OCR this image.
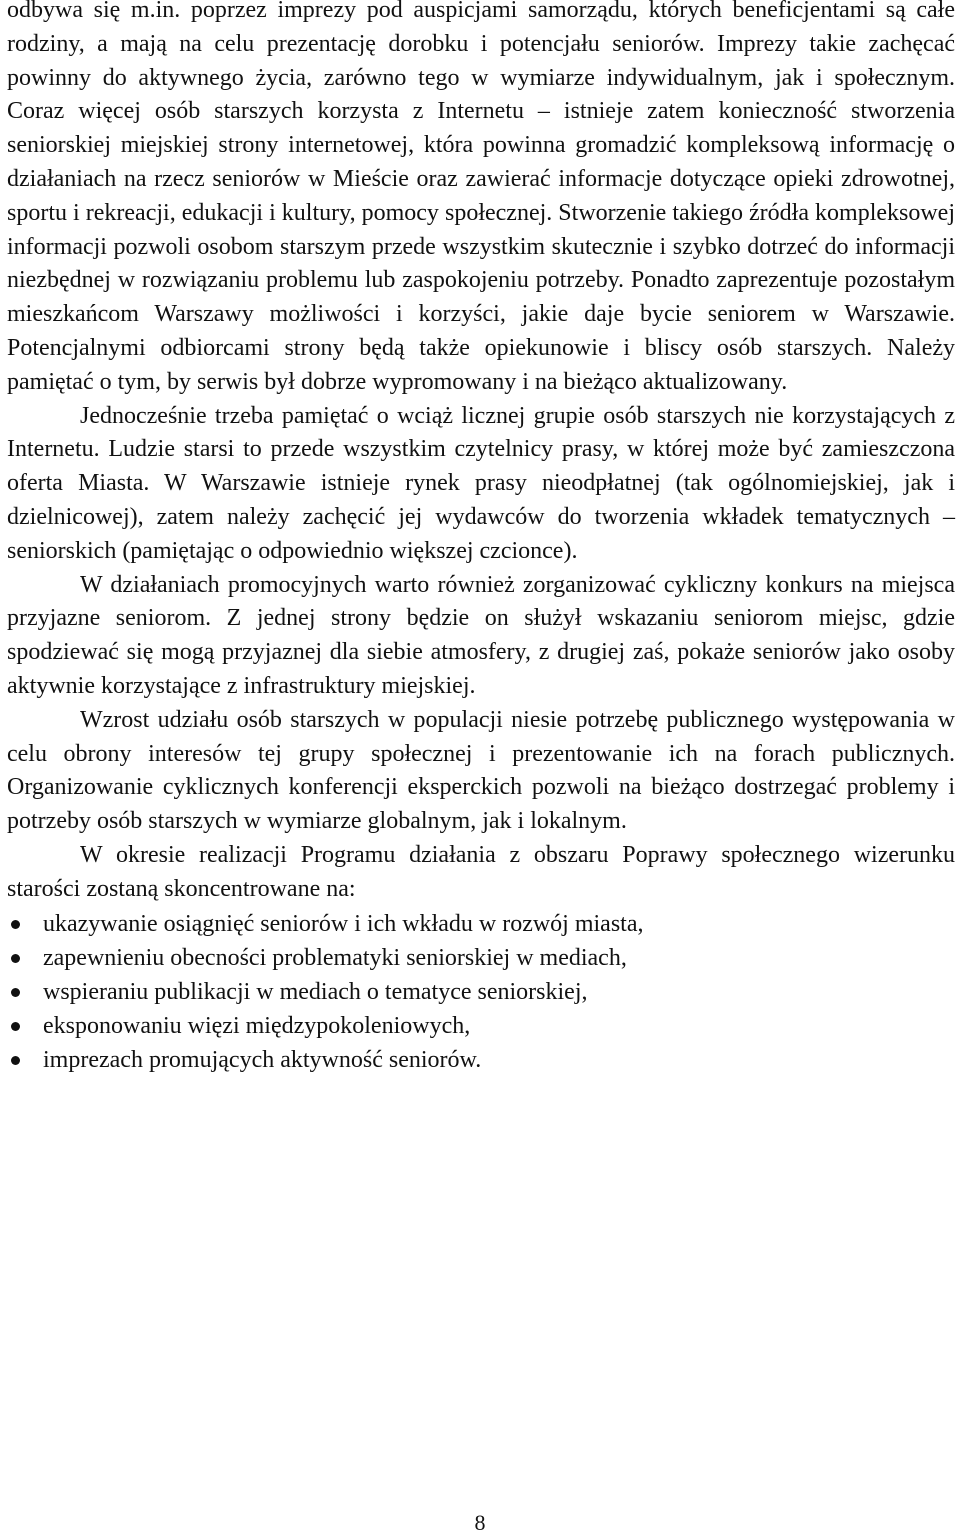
odbywa się m.in. poprzez imprezy pod auspicjami samorządu, których beneficjentami są całe rodziny, a mają na celu prezentację dorobku i potencjału seniorów. Imprezy takie zachęcać powinny do aktywnego życia, zarówno tego w wymiarze indywidualnym, jak i społecznym. Coraz więcej osób starszych korzysta z Internetu – istnieje zatem konieczność stworzenia seniorskiej miejskiej strony internetowej, która powinna gromadzić kompleksową informację o działaniach na rzecz seniorów w Mieście oraz zawierać informacje dotyczące opieki zdrowotnej, sportu i rekreacji, edukacji i kultury, pomocy społecznej. Stworzenie takiego źródła kompleksowej informacji pozwoli osobom starszym przede wszystkim skutecznie i szybko dotrzeć do informacji niezbędnej w rozwiązaniu problemu lub zaspokojeniu potrzeby. Ponadto zaprezentuje pozostałym mieszkańcom Warszawy możliwości i korzyści, jakie daje bycie seniorem w Warszawie. Potencjalnymi odbiorcami strony będą także opiekunowie i bliscy osób starszych. Należy pamiętać o tym, by serwis był dobrze wypromowany i na bieżąco aktualizowany.

Jednocześnie trzeba pamiętać o wciąż licznej grupie osób starszych nie korzystających z Internetu. Ludzie starsi to przede wszystkim czytelnicy prasy, w której może być zamieszczona oferta Miasta. W Warszawie istnieje rynek prasy nieodpłatnej (tak ogólnomiejskiej, jak i dzielnicowej), zatem należy zachęcić jej wydawców do tworzenia wkładek tematycznych – seniorskich (pamiętając o odpowiednio większej czcionce).

W działaniach promocyjnych warto również zorganizować cykliczny konkurs na miejsca przyjazne seniorom. Z jednej strony będzie on służył wskazaniu seniorom miejsc, gdzie spodziewać się mogą przyjaznej dla siebie atmosfery, z drugiej zaś, pokaże seniorów jako osoby aktywnie korzystające z infrastruktury miejskiej.

Wzrost udziału osób starszych w populacji niesie potrzebę publicznego występowania w celu obrony interesów tej grupy społecznej i prezentowanie ich na forach publicznych. Organizowanie cyklicznych konferencji eksperckich pozwoli na bieżąco dostrzegać problemy i potrzeby osób starszych w wymiarze globalnym, jak i lokalnym.

W okresie realizacji Programu działania z obszaru Poprawy społecznego wizerunku starości zostaną skoncentrowane na:

ukazywanie osiągnięć seniorów i ich wkładu w rozwój miasta,
zapewnieniu obecności problematyki seniorskiej w mediach,
wspieraniu publikacji w mediach o tematyce seniorskiej,
eksponowaniu więzi międzypokoleniowych,
imprezach promujących aktywność seniorów.
8
